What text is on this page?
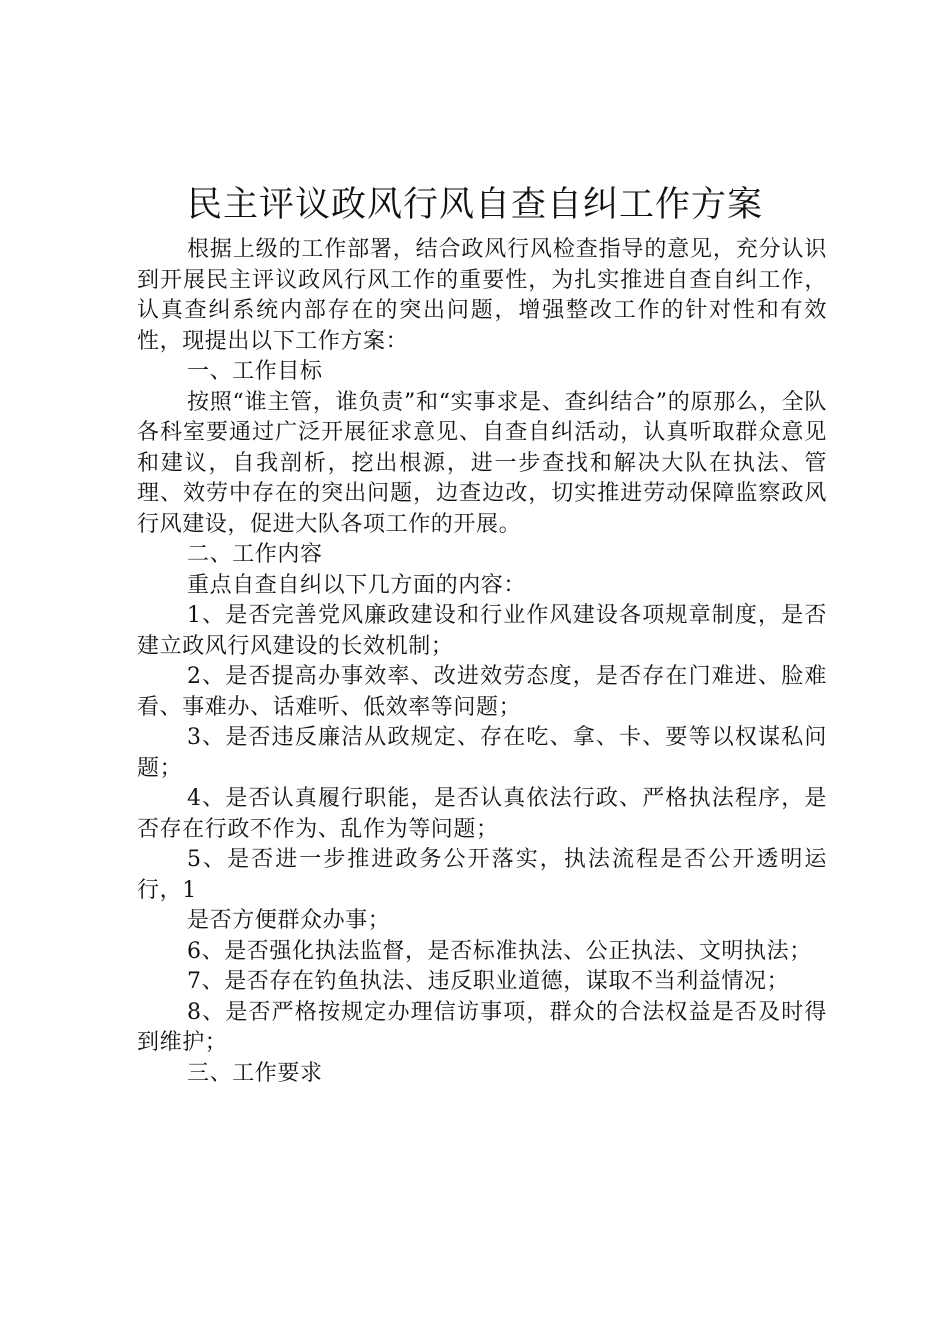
民主评议政风行风自查自纠工作方案

根据上级的工作部署，结合政风行风检查指导的意见，充分认识到开展民主评议政风行风工作的重要性，为扎实推进自查自纠工作，认真查纠系统内部存在的突出问题，增强整改工作的针对性和有效性，现提出以下工作方案：

一、工作目标

按照“谁主管，谁负责”和“实事求是、查纠结合”的原那么，全队各科室要通过广泛开展征求意见、自查自纠活动，认真听取群众意见和建议，自我剖析，挖出根源，进一步查找和解决大队在执法、管理、效劳中存在的突出问题，边查边改，切实推进劳动保障监察政风行风建设，促进大队各项工作的开展。

二、工作内容

重点自查自纠以下几方面的内容：

1、是否完善党风廉政建设和行业作风建设各项规章制度，是否建立政风行风建设的长效机制；

2、是否提高办事效率、改进效劳态度，是否存在门难进、脸难看、事难办、话难听、低效率等问题；

3、是否违反廉洁从政规定、存在吃、拿、卡、要等以权谋私问题；

4、是否认真履行职能，是否认真依法行政、严格执法程序，是否存在行政不作为、乱作为等问题；

5、是否进一步推进政务公开落实，执法流程是否公开透明运行，1

是否方便群众办事；

6、是否强化执法监督，是否标准执法、公正执法、文明执法；

7、是否存在钓鱼执法、违反职业道德，谋取不当利益情况；

8、是否严格按规定办理信访事项，群众的合法权益是否及时得到维护；

三、工作要求
